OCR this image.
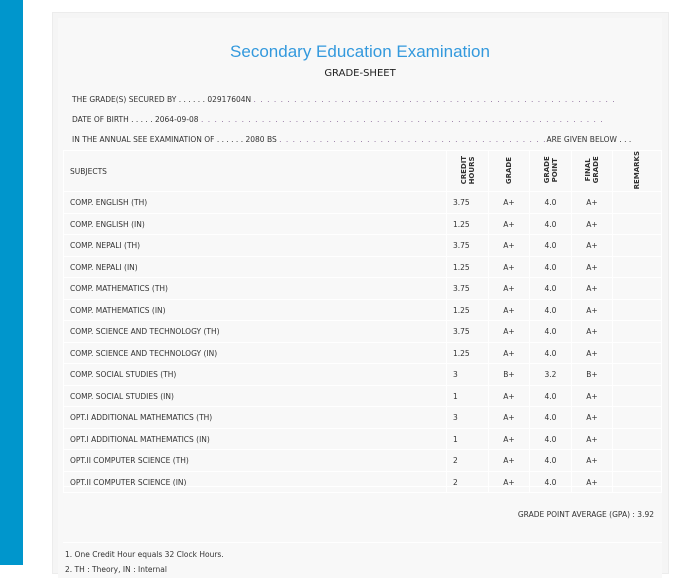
Secondary Education Examination
GRADE-SHEET
THE GRADE(S) SECURED BY . . . . . . 02917604N . . . . . . . . . . . . . . . . . . . . . . . . . . . . . . . . . . . . . . . . . . . . . . . . . . . . . .
DATE OF BIRTH . . . . . 2064-09-08 . . . . . . . . . . . . . . . . . . . . . . . . . . . . . . . . . . . . . . . . . . . . . . . . . . . . . . . . . . . .
IN THE ANNUAL SEE EXAMINATION OF . . . . . . 2080 BS . . . . . . . . . . . . . . . . . . . . . . . . . . . . . . . . . . . . . . . .ARE GIVEN BELOW . . .
SUBJECTS	CREDIT HOURS	GRADE	GRADE POINT	FINAL GRADE	REMARKS
COMP. ENGLISH (TH)	3.75	A+	4.0	A+	
COMP. ENGLISH (IN)	1.25	A+	4.0	A+	
COMP. NEPALI (TH)	3.75	A+	4.0	A+	
COMP. NEPALI (IN)	1.25	A+	4.0	A+	
COMP. MATHEMATICS (TH)	3.75	A+	4.0	A+	
COMP. MATHEMATICS (IN)	1.25	A+	4.0	A+	
COMP. SCIENCE AND TECHNOLOGY (TH)	3.75	A+	4.0	A+	
COMP. SCIENCE AND TECHNOLOGY (IN)	1.25	A+	4.0	A+	
COMP. SOCIAL STUDIES (TH)	3	B+	3.2	B+	
COMP. SOCIAL STUDIES (IN)	1	A+	4.0	A+	
OPT.I ADDITIONAL MATHEMATICS (TH)	3	A+	4.0	A+	
OPT.I ADDITIONAL MATHEMATICS (IN)	1	A+	4.0	A+	
OPT.II COMPUTER SCIENCE (TH)	2	A+	4.0	A+	
OPT.II COMPUTER SCIENCE (IN)	2	A+	4.0	A+	
GRADE POINT AVERAGE (GPA) : 3.92
1. One Credit Hour equals 32 Clock Hours.
2. TH : Theory, IN : Internal
